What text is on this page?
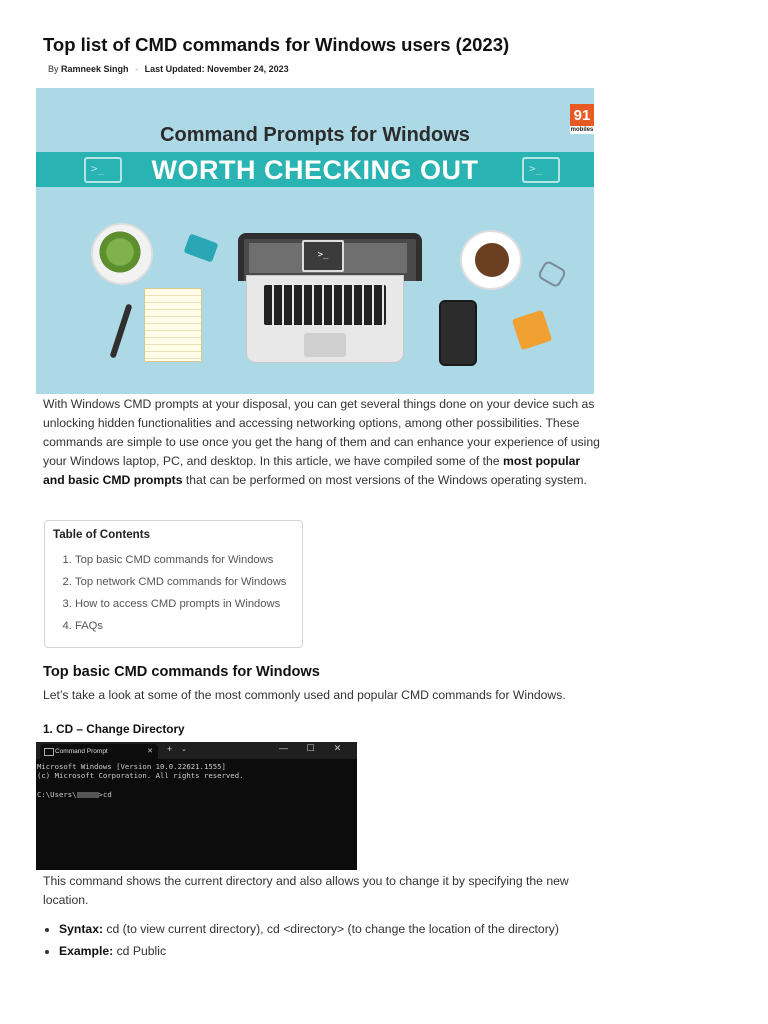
Top list of CMD commands for Windows users (2023)
By Ramneek Singh - Last Updated: November 24, 2023
91
mobiles
Command Prompts for Windows
>_	>_
WORTH CHECKING OUT
>_

With Windows CMD prompts at your disposal, you can get several things done on your device such as unlocking hidden functionalities and accessing networking options, among other possibilities. These commands are simple to use once you get the hang of them and can enhance your experience of using your Windows laptop, PC, and desktop. In this article, we have compiled some of the most popular and basic CMD prompts that can be performed on most versions of the Windows operating system.

Table of Contents
1. Top basic CMD commands for Windows
2. Top network CMD commands for Windows
3. How to access CMD prompts in Windows
4. FAQs
Top basic CMD commands for Windows

Let’s take a look at some of the most commonly used and popular CMD commands for Windows.

1. CD – Change Directory
Command Prompt	✕ + ⌄	— ☐ ✕
Microsoft Windows [Version 10.0.22621.1555]
(c) Microsoft Corporation. All rights reserved.

C:\Users\	>cd

This command shows the current directory and also allows you to change it by specifying the new location.

• Syntax: cd (to view current directory), cd <directory> (to change the location of the directory)
• Example: cd Public
